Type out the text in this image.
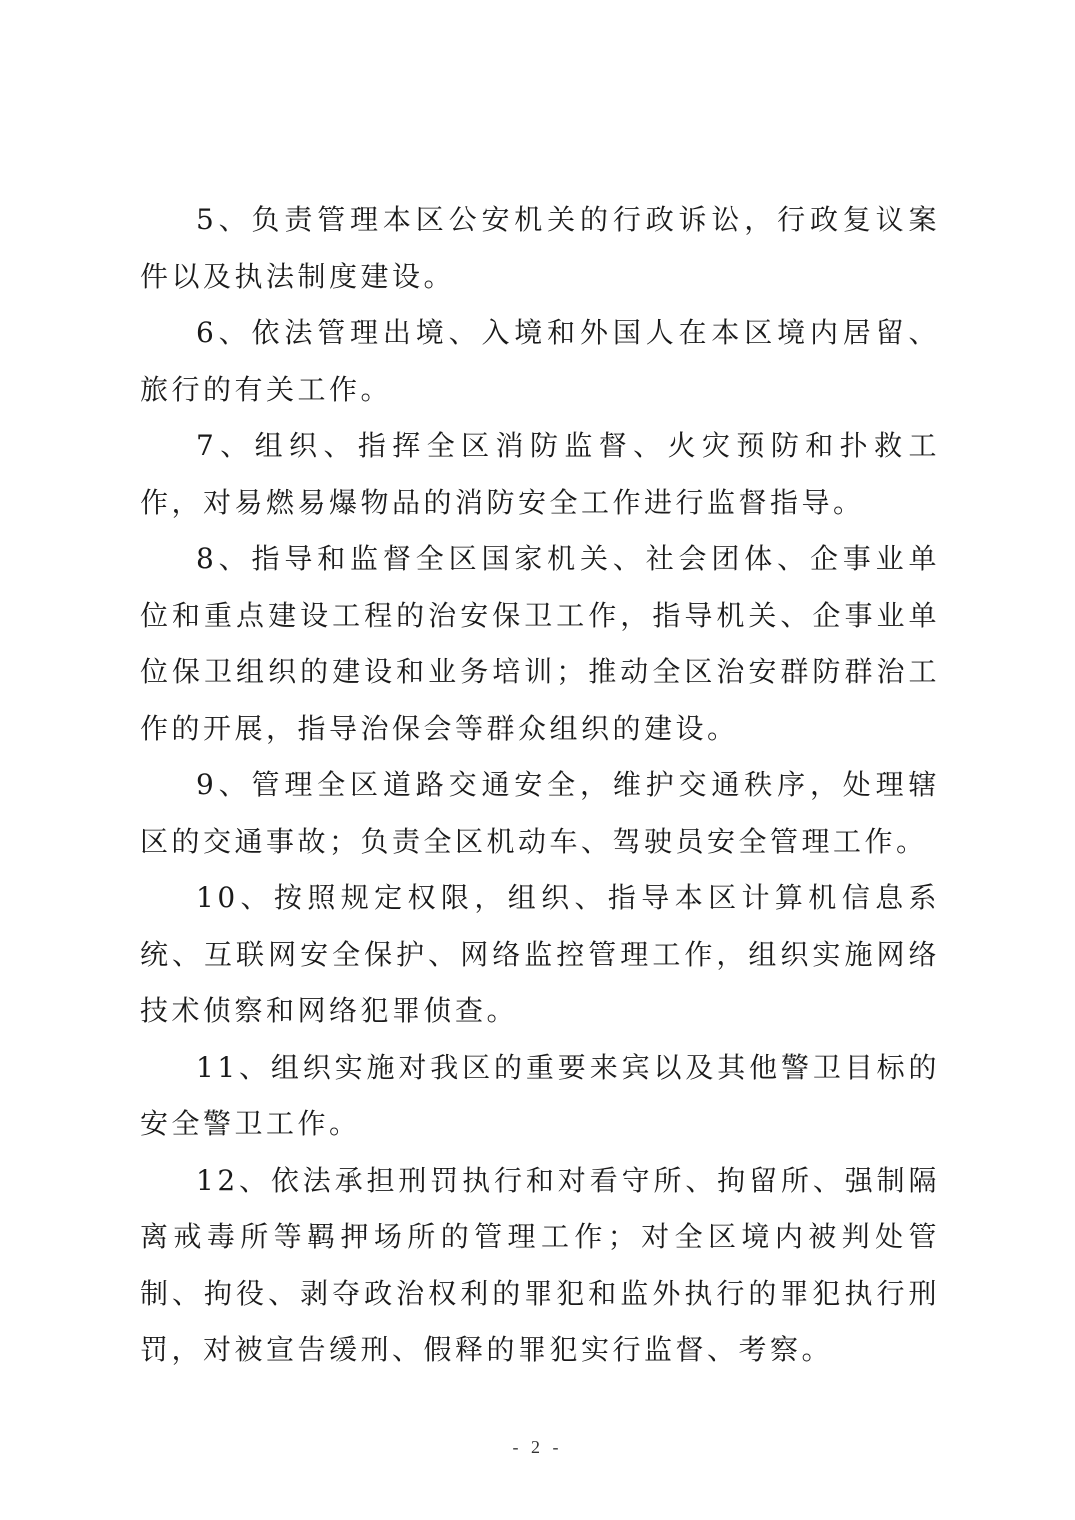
5、负责管理本区公安机关的行政诉讼，行政复议案件以及执法制度建设。

6、依法管理出境、入境和外国人在本区境内居留、旅行的有关工作。

7、组织、指挥全区消防监督、火灾预防和扑救工作，对易燃易爆物品的消防安全工作进行监督指导。

8、指导和监督全区国家机关、社会团体、企事业单位和重点建设工程的治安保卫工作，指导机关、企事业单位保卫组织的建设和业务培训；推动全区治安群防群治工作的开展，指导治保会等群众组织的建设。

9、管理全区道路交通安全，维护交通秩序，处理辖区的交通事故；负责全区机动车、驾驶员安全管理工作。

10、按照规定权限，组织、指导本区计算机信息系统、互联网安全保护、网络监控管理工作，组织实施网络技术侦察和网络犯罪侦查。

11、组织实施对我区的重要来宾以及其他警卫目标的安全警卫工作。

12、依法承担刑罚执行和对看守所、拘留所、强制隔离戒毒所等羁押场所的管理工作；对全区境内被判处管制、拘役、剥夺政治权利的罪犯和监外执行的罪犯执行刑罚，对被宣告缓刑、假释的罪犯实行监督、考察。

- 2 -
